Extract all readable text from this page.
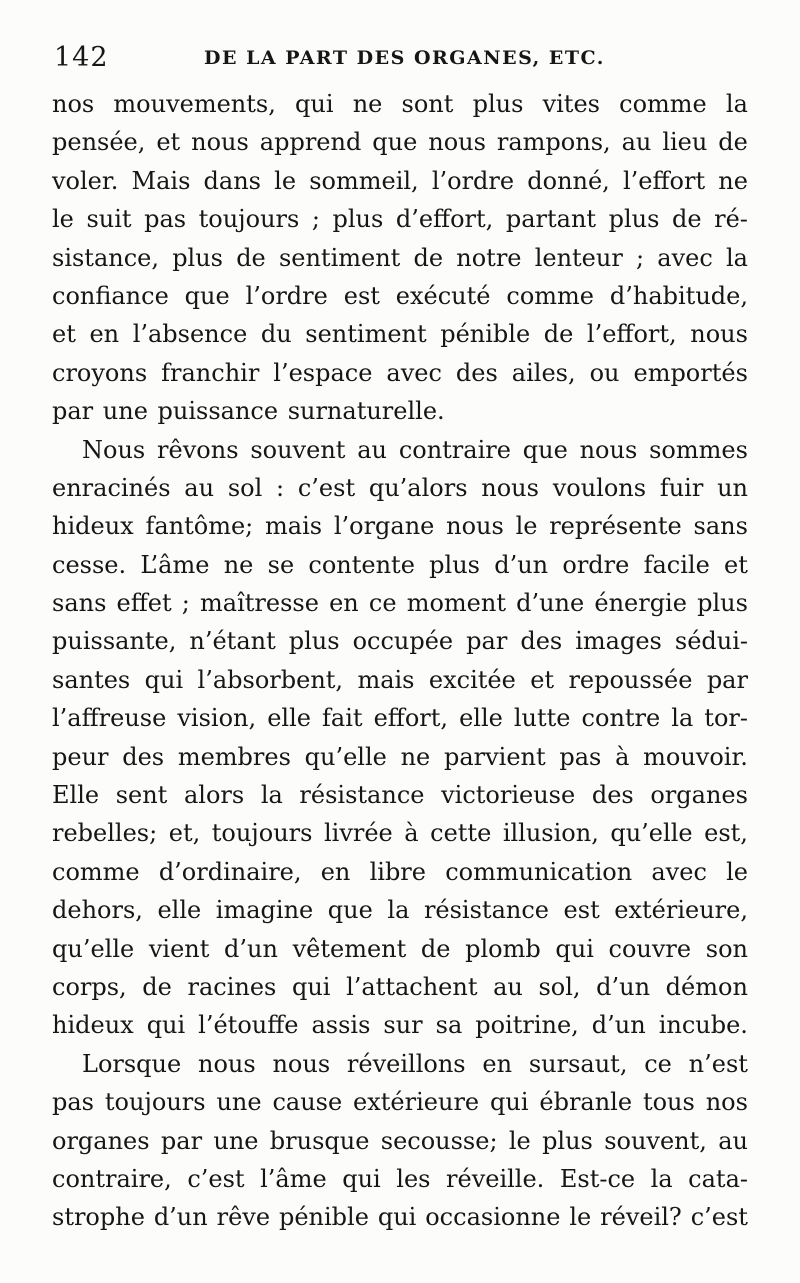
142	DE LA PART DES ORGANES, ETC.
nos mouvements, qui ne sont plus vites comme la
pensée, et nous apprend que nous rampons, au lieu de
voler. Mais dans le sommeil, l’ordre donné, l’effort ne
le suit pas toujours ; plus d’effort, partant plus de ré-
sistance, plus de sentiment de notre lenteur ; avec la
confiance que l’ordre est exécuté comme d’habitude,
et en l’absence du sentiment pénible de l’effort, nous
croyons franchir l’espace avec des ailes, ou emportés
par une puissance surnaturelle.
Nous rêvons souvent au contraire que nous sommes
enracinés au sol : c’est qu’alors nous voulons fuir un
hideux fantôme; mais l’organe nous le représente sans
cesse. L’âme ne se contente plus d’un ordre facile et
sans effet ; maîtresse en ce moment d’une énergie plus
puissante, n’étant plus occupée par des images sédui-
santes qui l’absorbent, mais excitée et repoussée par
l’affreuse vision, elle fait effort, elle lutte contre la tor-
peur des membres qu’elle ne parvient pas à mouvoir.
Elle sent alors la résistance victorieuse des organes
rebelles; et, toujours livrée à cette illusion, qu’elle est,
comme d’ordinaire, en libre communication avec le
dehors, elle imagine que la résistance est extérieure,
qu’elle vient d’un vêtement de plomb qui couvre son
corps, de racines qui l’attachent au sol, d’un démon
hideux qui l’étouffe assis sur sa poitrine, d’un incube.
Lorsque nous nous réveillons en sursaut, ce n’est
pas toujours une cause extérieure qui ébranle tous nos
organes par une brusque secousse; le plus souvent, au
contraire, c’est l’âme qui les réveille. Est-ce la cata-
strophe d’un rêve pénible qui occasionne le réveil? c’est
